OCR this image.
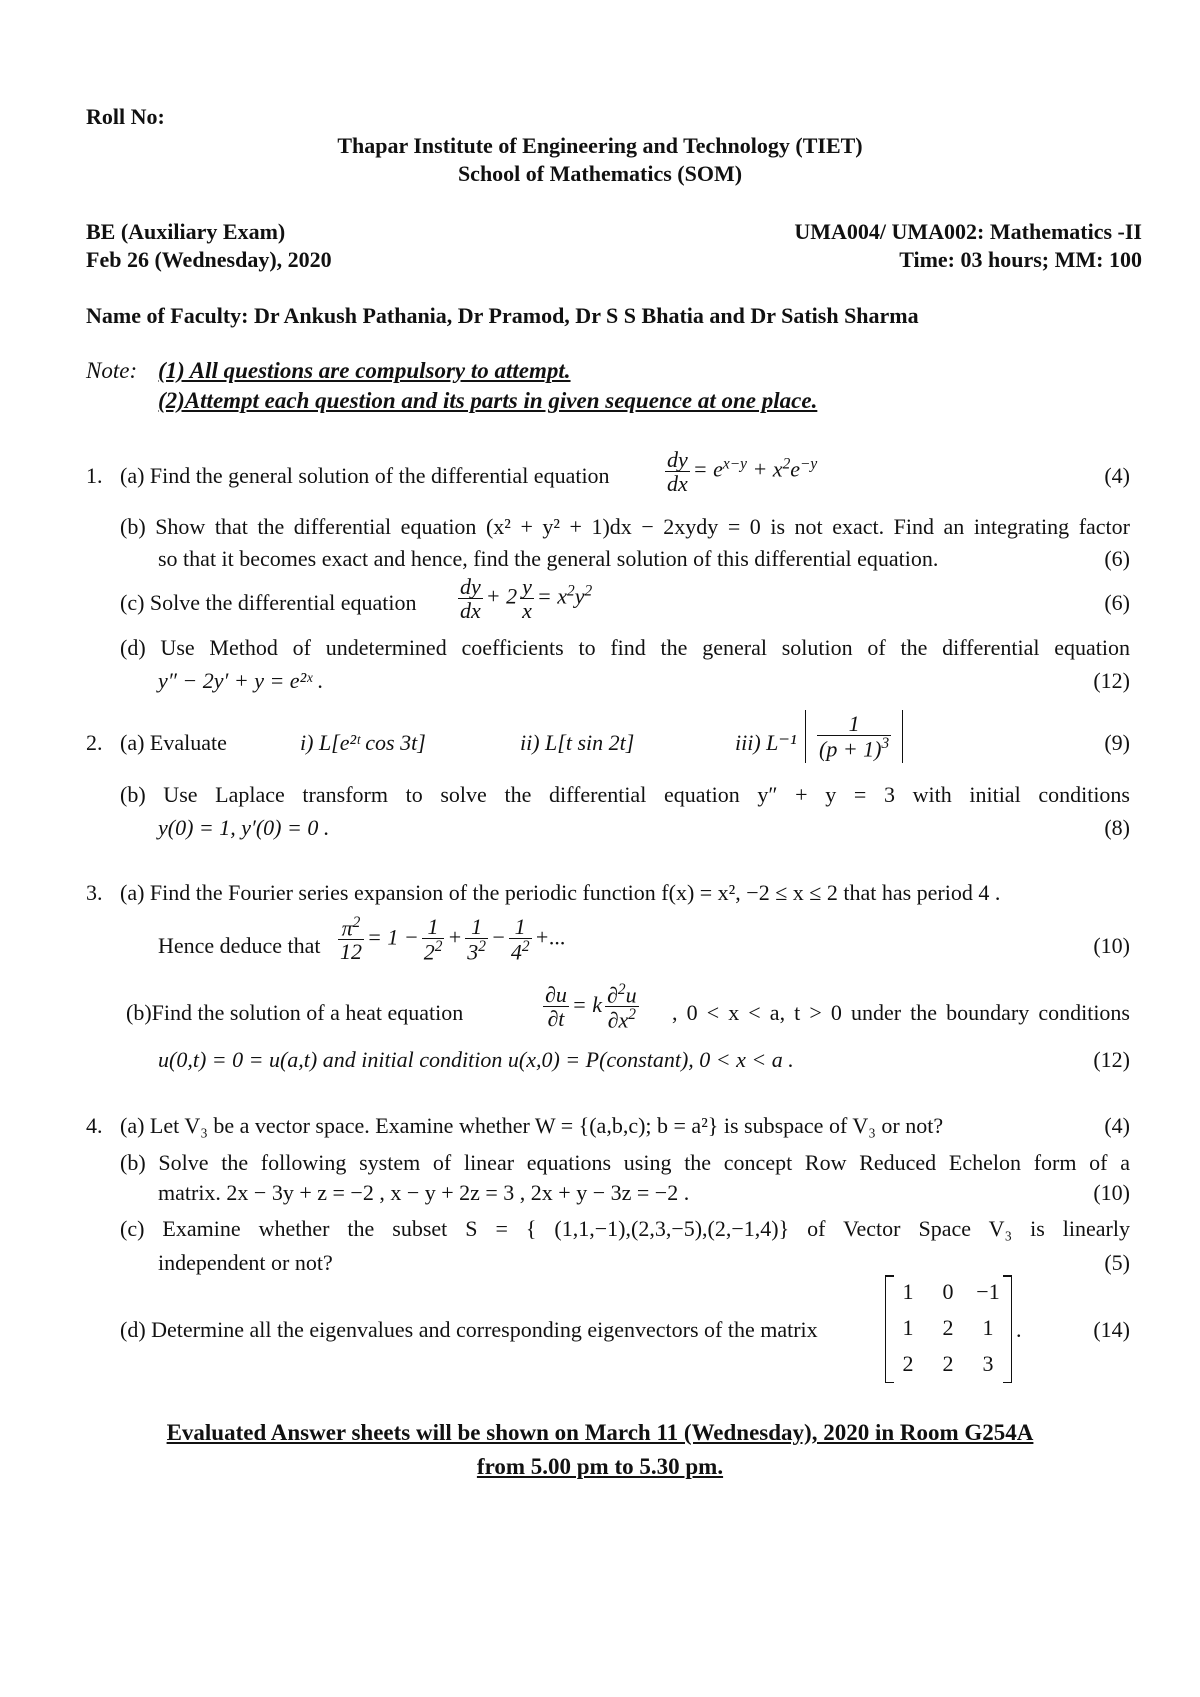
Roll No:
Thapar Institute of Engineering and Technology (TIET)
School of Mathematics (SOM)
BE (Auxiliary Exam)
Feb 26 (Wednesday), 2020
UMA004/ UMA002: Mathematics -II
Time: 03 hours; MM: 100
Name of Faculty: Dr Ankush Pathania, Dr Pramod, Dr S S Bhatia and Dr Satish Sharma
Note: (1) All questions are compulsory to attempt.
(2)Attempt each question and its parts in given sequence at one place.
1. (a) Find the general solution of the differential equation	$\frac{dy}{dx} = e^{x-y} + x^2e^{-y}$	(4)
(b) Show that the differential equation (x² + y² + 1)dx − 2xydy = 0 is not exact. Find an integrating factor
so that it becomes exact and hence, find the general solution of this differential equation.	(6)
(c) Solve the differential equation $\frac{dy}{dx} + 2 \frac{y}{x} = x^2y^2$	(6)
(d) Use Method of undetermined coefficients to find the general solution of the differential equation
y″ − 2y′ + y = e²ˣ .	(12)
2. (a) Evaluate	i) L[e²ᵗ cos 3t]	ii) L[t sin 2t]	iii) $L^{-1} \frac{1}{(p + 1)^3}$	(9)
(b) Use Laplace transform to solve the differential equation y″ + y = 3 with initial conditions
y(0) = 1, y′(0) = 0 .	(8)
3. (a) Find the Fourier series expansion of the periodic function f(x) = x², −2 ≤ x ≤ 2 that has period 4 .
Hence deduce that $\frac{\pi^2}{12} = 1 - \frac{1}{2^2} + \frac{1}{3^2} - \frac{1}{4^2}$ +...	(10)
(b)Find the solution of a heat equation	$\frac{\partial u}{\partial t} = k \frac{\partial^2u}{\partial x^2}$ , 0 < x < a, t > 0 under the boundary conditions
u(0,t) = 0 = u(a,t) and initial condition u(x,0) = P(constant), 0 < x < a .	(12)
4. (a) Let V₃ be a vector space. Examine whether W = {(a,b,c); b = a²} is subspace of V₃ or not?	(4)
(b) Solve the following system of linear equations using the concept Row Reduced Echelon form of a
matrix. 2x − 3y + z = −2 , x − y + 2z = 3 , 2x + y − 3z = −2 .	(10)
(c) Examine whether the subset S = { (1,1,−1),(2,3,−5),(2,−1,4)} of Vector Space V₃ is linearly
independent or not?	(5)
(d) Determine all the eigenvalues and corresponding eigenvectors of the matrix
1	0	−1
1	2	1
2	2	3
.	(14)
Evaluated Answer sheets will be shown on March 11 (Wednesday), 2020 in Room G254A
from 5.00 pm to 5.30 pm.
